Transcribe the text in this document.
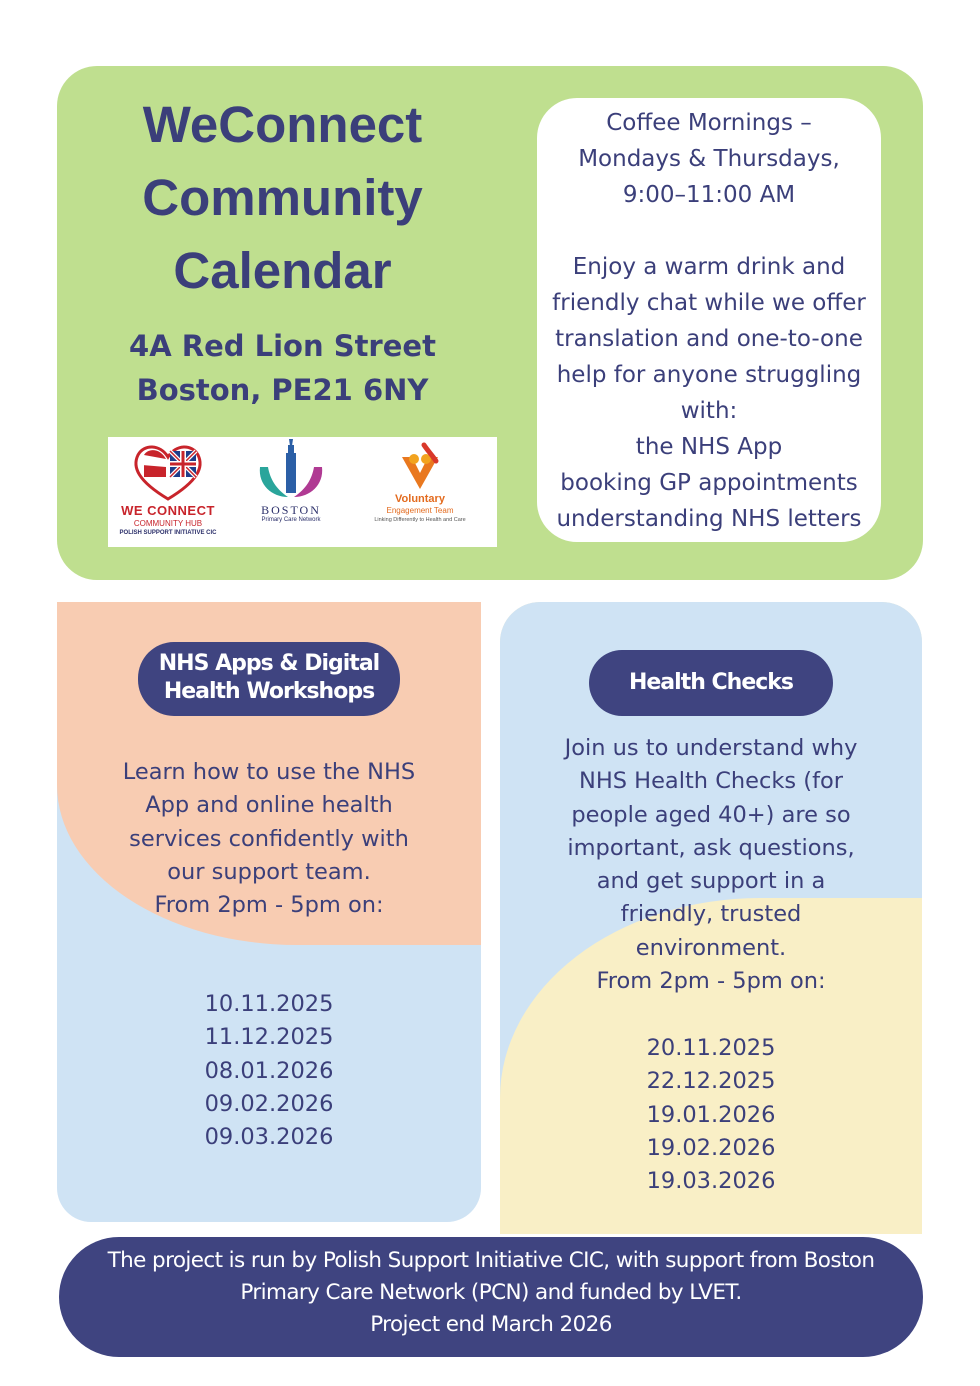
WeConnect
Community
Calendar
4A Red Lion Street
Boston, PE21 6NY
WE CONNECT
COMMUNITY HUB
POLISH SUPPORT INITIATIVE CIC
BOSTON
Primary Care Network
Voluntary
Engagement Team
Linking Differently to Health and Care
Coffee Mornings –
Mondays & Thursdays,
9:00–11:00 AM
Enjoy a warm drink and
friendly chat while we offer
translation and one-to-one
help for anyone struggling
with:
the NHS App
booking GP appointments
understanding NHS letters
NHS Apps & Digital
Health Workshops
Learn how to use the NHS
App and online health
services confidently with
our support team.
From 2pm - 5pm on:
10.11.2025
11.12.2025
08.01.2026
09.02.2026
09.03.2026
Health Checks
Join us to understand why
NHS Health Checks (for
people aged 40+) are so
important, ask questions,
and get support in a
friendly, trusted
environment.
From 2pm - 5pm on:
20.11.2025
22.12.2025
19.01.2026
19.02.2026
19.03.2026
The project is run by Polish Support Initiative CIC, with support from Boston
Primary Care Network (PCN) and funded by LVET.
Project end March 2026
